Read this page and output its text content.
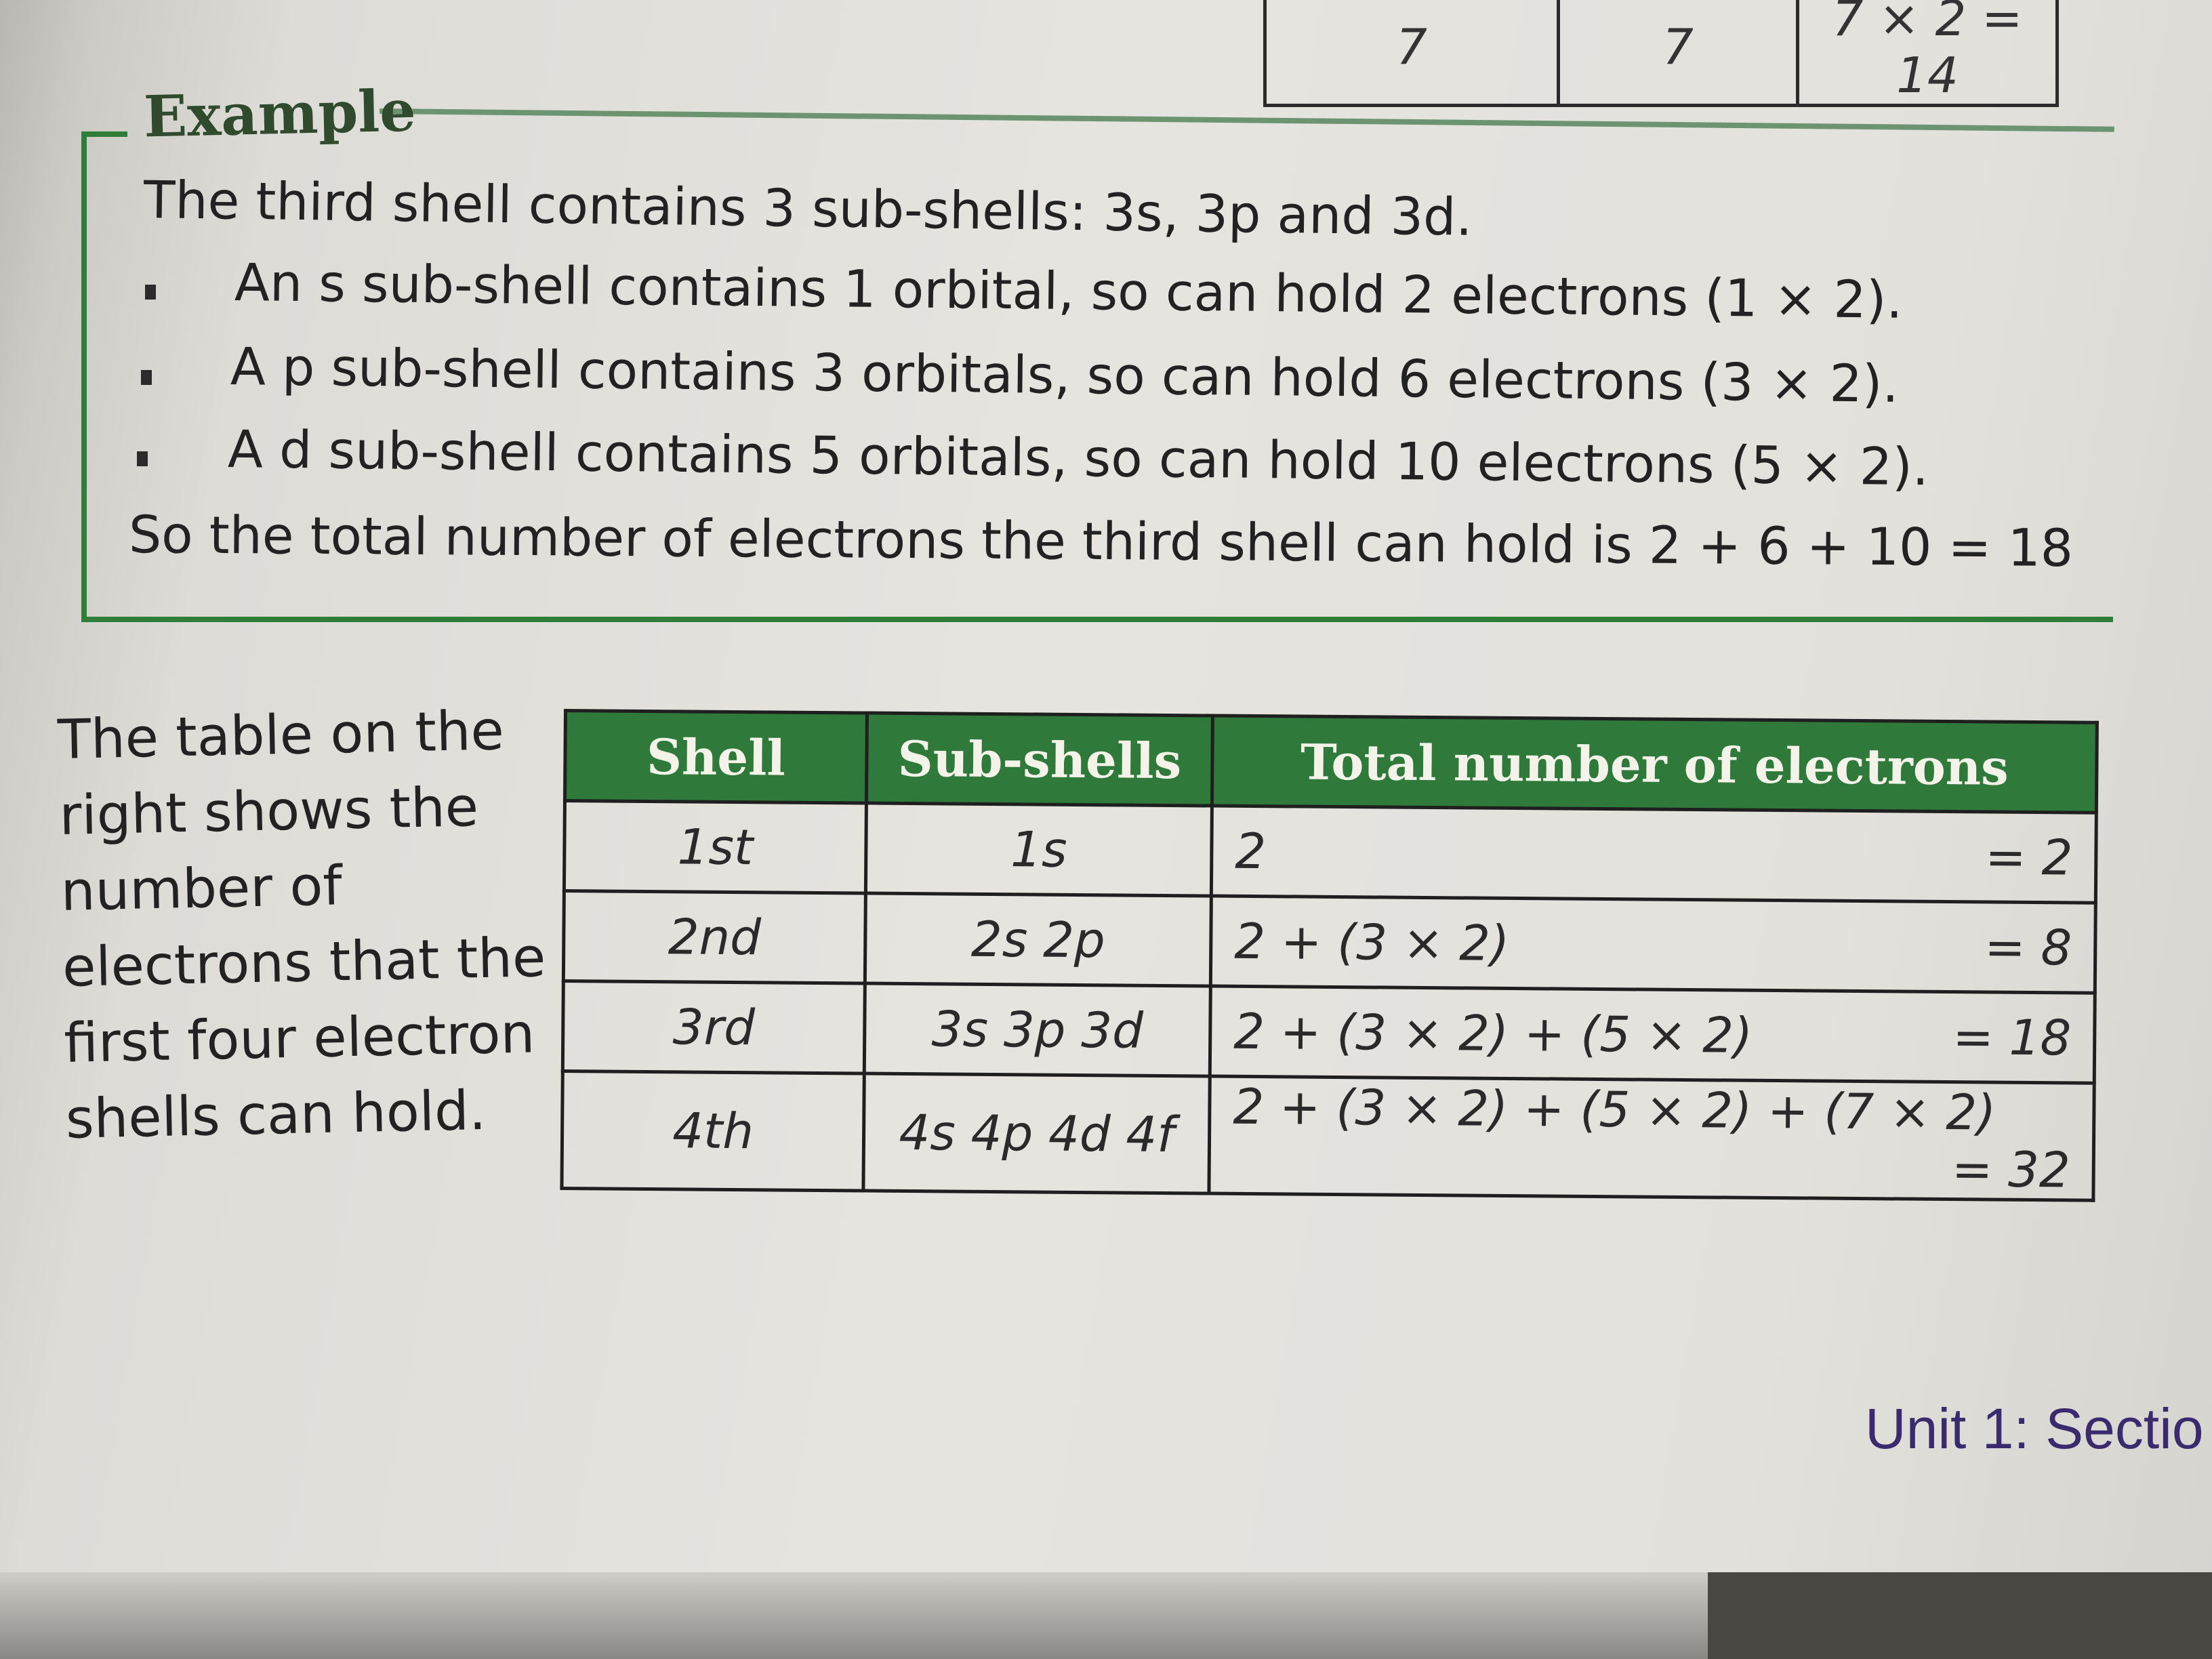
7	7	7 × 2 = 14
Example
The third shell contains 3 sub-shells: 3s, 3p and 3d.
An s sub-shell contains 1 orbital, so can hold 2 electrons (1 × 2).
A p sub-shell contains 3 orbitals, so can hold 6 electrons (3 × 2).
A d sub-shell contains 5 orbitals, so can hold 10 electrons (5 × 2).
So the total number of electrons the third shell can hold is 2 + 6 + 10 = 18
The table on the right shows the number of electrons that the first four electron shells can hold.
Shell	Sub-shells	Total number of electrons
1st	1s	2 = 2

2nd	2s 2p	2 + (3 × 2) = 8

3rd	3s 3p 3d	2 + (3 × 2) + (5 × 2) = 18

4th	4s 4p 4d 4f	2 + (3 × 2) + (5 × 2) + (7 × 2)
= 32
Unit 1: Sectio
